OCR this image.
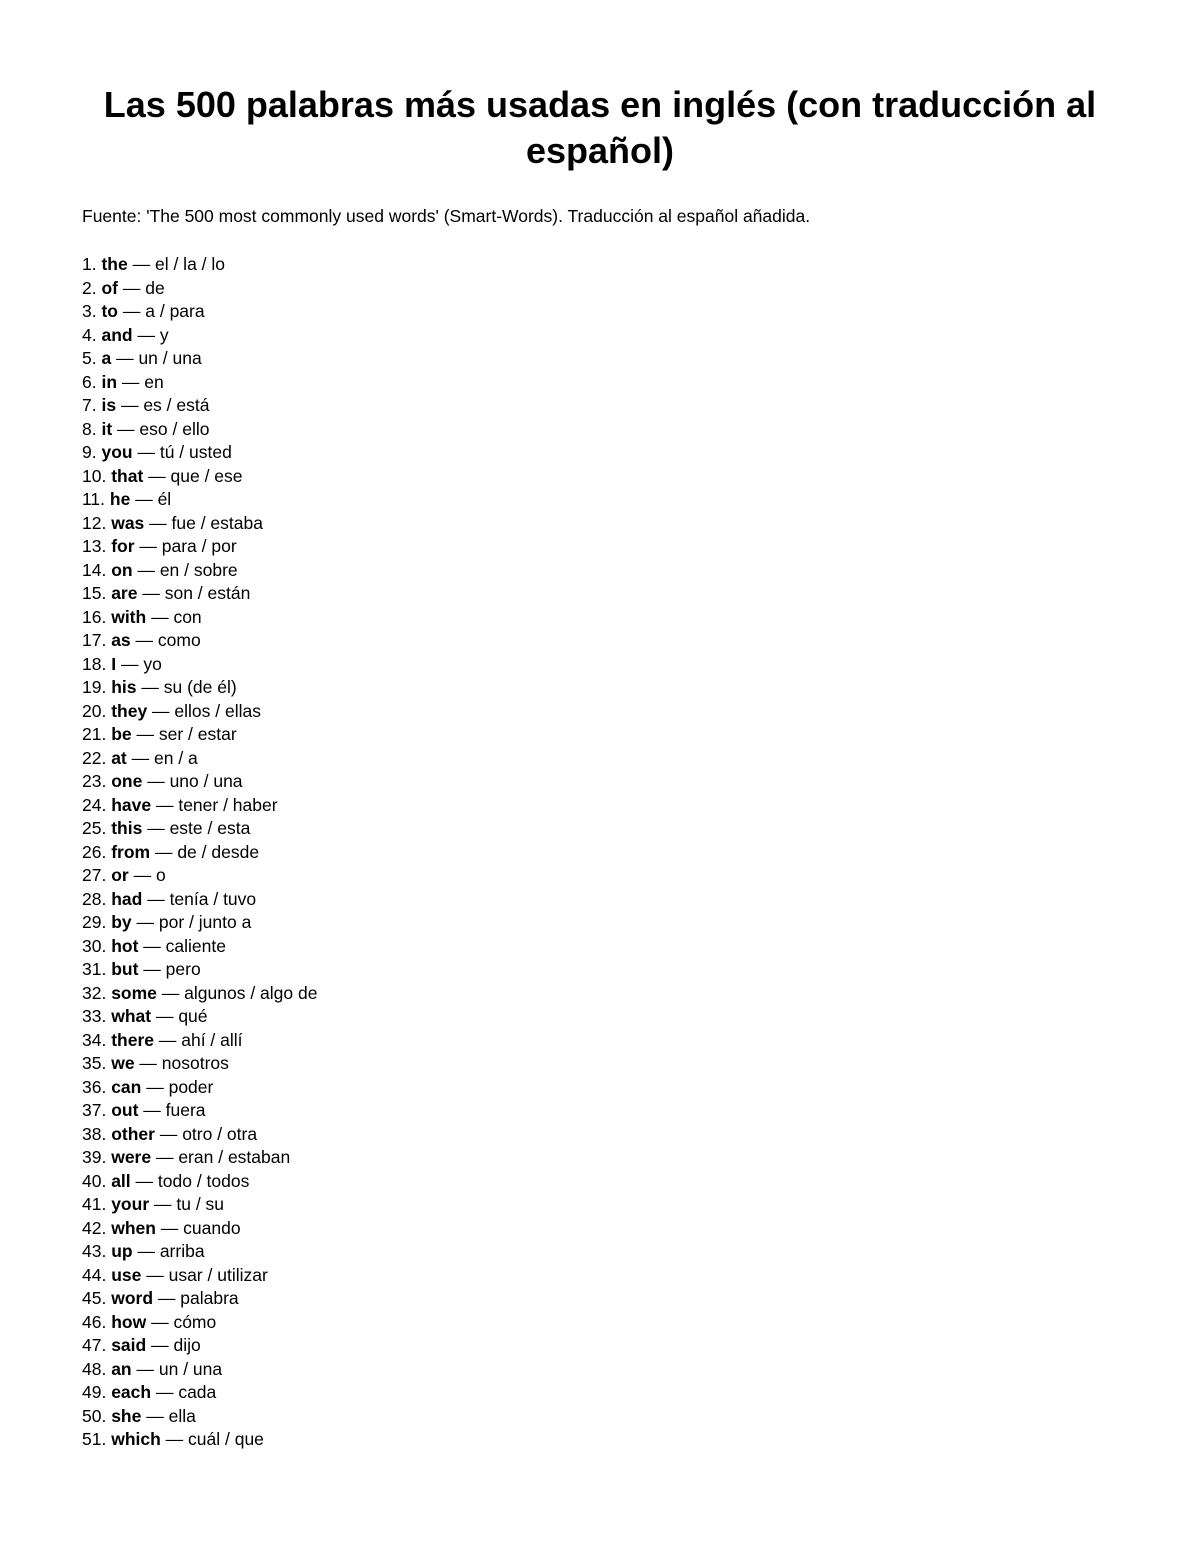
Las 500 palabras más usadas en inglés (con traducción al español)

Fuente: 'The 500 most commonly used words' (Smart-Words). Traducción al español añadida.

1. the — el / la / lo
2. of — de
3. to — a / para
4. and — y
5. a — un / una
6. in — en
7. is — es / está
8. it — eso / ello
9. you — tú / usted
10. that — que / ese
11. he — él
12. was — fue / estaba
13. for — para / por
14. on — en / sobre
15. are — son / están
16. with — con
17. as — como
18. I — yo
19. his — su (de él)
20. they — ellos / ellas
21. be — ser / estar
22. at — en / a
23. one — uno / una
24. have — tener / haber
25. this — este / esta
26. from — de / desde
27. or — o
28. had — tenía / tuvo
29. by — por / junto a
30. hot — caliente
31. but — pero
32. some — algunos / algo de
33. what — qué
34. there — ahí / allí
35. we — nosotros
36. can — poder
37. out — fuera
38. other — otro / otra
39. were — eran / estaban
40. all — todo / todos
41. your — tu / su
42. when — cuando
43. up — arriba
44. use — usar / utilizar
45. word — palabra
46. how — cómo
47. said — dijo
48. an — un / una
49. each — cada
50. she — ella
51. which — cuál / que
